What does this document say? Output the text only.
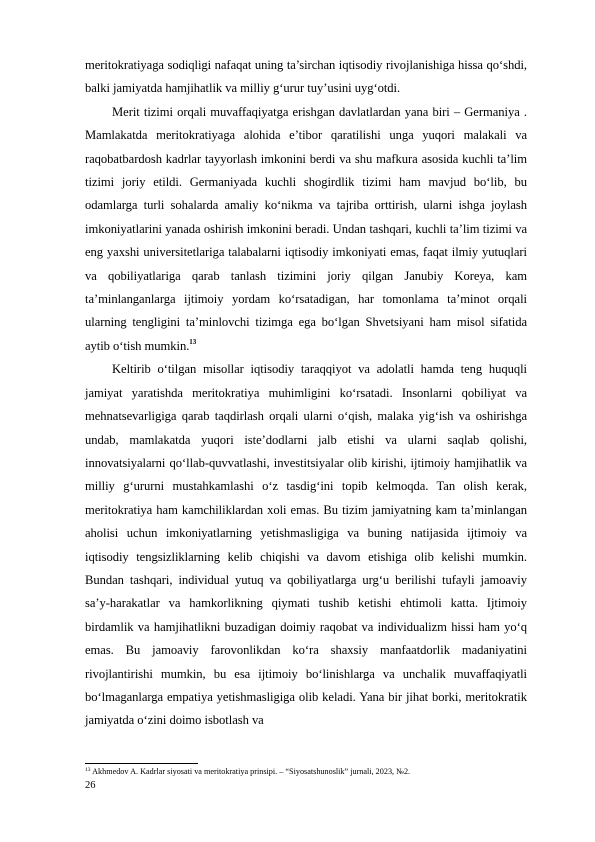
meritokratiyaga sodiqligi nafaqat uning ta’sirchan iqtisodiy rivojlanishiga hissa qo‘shdi, balki jamiyatda hamjihatlik va milliy g‘urur tuy’usini uyg‘otdi.

Merit tizimi orqali muvaffaqiyatga erishgan davlatlardan yana biri – Germaniya . Mamlakatda meritokratiyaga alohida e’tibor qaratilishi unga yuqori malakali va raqobatbardosh kadrlar tayyorlash imkonini berdi va shu mafkura asosida kuchli ta’lim tizimi joriy etildi. Germaniyada kuchli shogirdlik tizimi ham mavjud bo‘lib, bu odamlarga turli sohalarda amaliy ko‘nikma va tajriba orttirish, ularni ishga joylash imkoniyatlarini yanada oshirish imkonini beradi. Undan tashqari, kuchli ta’lim tizimi va eng yaxshi universitetlariga talabalarni iqtisodiy imkoniyati emas, faqat ilmiy yutuqlari va qobiliyatlariga qarab tanlash tizimini joriy qilgan Janubiy Koreya, kam ta’minlanganlarga ijtimoiy yordam ko‘rsatadigan, har tomonlama ta’minot orqali ularning tengligini ta’minlovchi tizimga ega bo‘lgan Shvetsiyani ham misol sifatida aytib o‘tish mumkin.$^{13}$

Keltirib o‘tilgan misollar iqtisodiy taraqqiyot va adolatli hamda teng huquqli jamiyat yaratishda meritokratiya muhimligini ko‘rsatadi. Insonlarni qobiliyat va mehnatsevarligiga qarab taqdirlash orqali ularni o‘qish, malaka yig‘ish va oshirishga undab, mamlakatda yuqori iste’dodlarni jalb etishi va ularni saqlab qolishi, innovatsiyalarni qo‘llab-quvvatlashi, investitsiyalar olib kirishi, ijtimoiy hamjihatlik va milliy g‘ururni mustahkamlashi o‘z tasdig‘ini topib kelmoqda. Tan olish kerak, meritokratiya ham kamchiliklardan xoli emas. Bu tizim jamiyatning kam ta’minlangan aholisi uchun imkoniyatlarning yetishmasligiga va buning natijasida ijtimoiy va iqtisodiy tengsizliklarning kelib chiqishi va davom etishiga olib kelishi mumkin. Bundan tashqari, individual yutuq va qobiliyatlarga urg‘u berilishi tufayli jamoaviy sa’y-harakatlar va hamkorlikning qiymati tushib ketishi ehtimoli katta. Ijtimoiy birdamlik va hamjihatlikni buzadigan doimiy raqobat va individualizm hissi ham yo‘q emas. Bu jamoaviy farovonlikdan ko‘ra shaxsiy manfaatdorlik madaniyatini rivojlantirishi mumkin, bu esa ijtimoiy bo‘linishlarga va unchalik muvaffaqiyatli bo‘lmaganlarga empatiya yetishmasligiga olib keladi. Yana bir jihat borki, meritokratik jamiyatda o‘zini doimo isbotlash va

$^{13}$ Akhmedov A. Kadrlar siyosati va meritokratiya prinsipi. – “Siyosatshunoslik” jurnali, 2023, №2.
26
